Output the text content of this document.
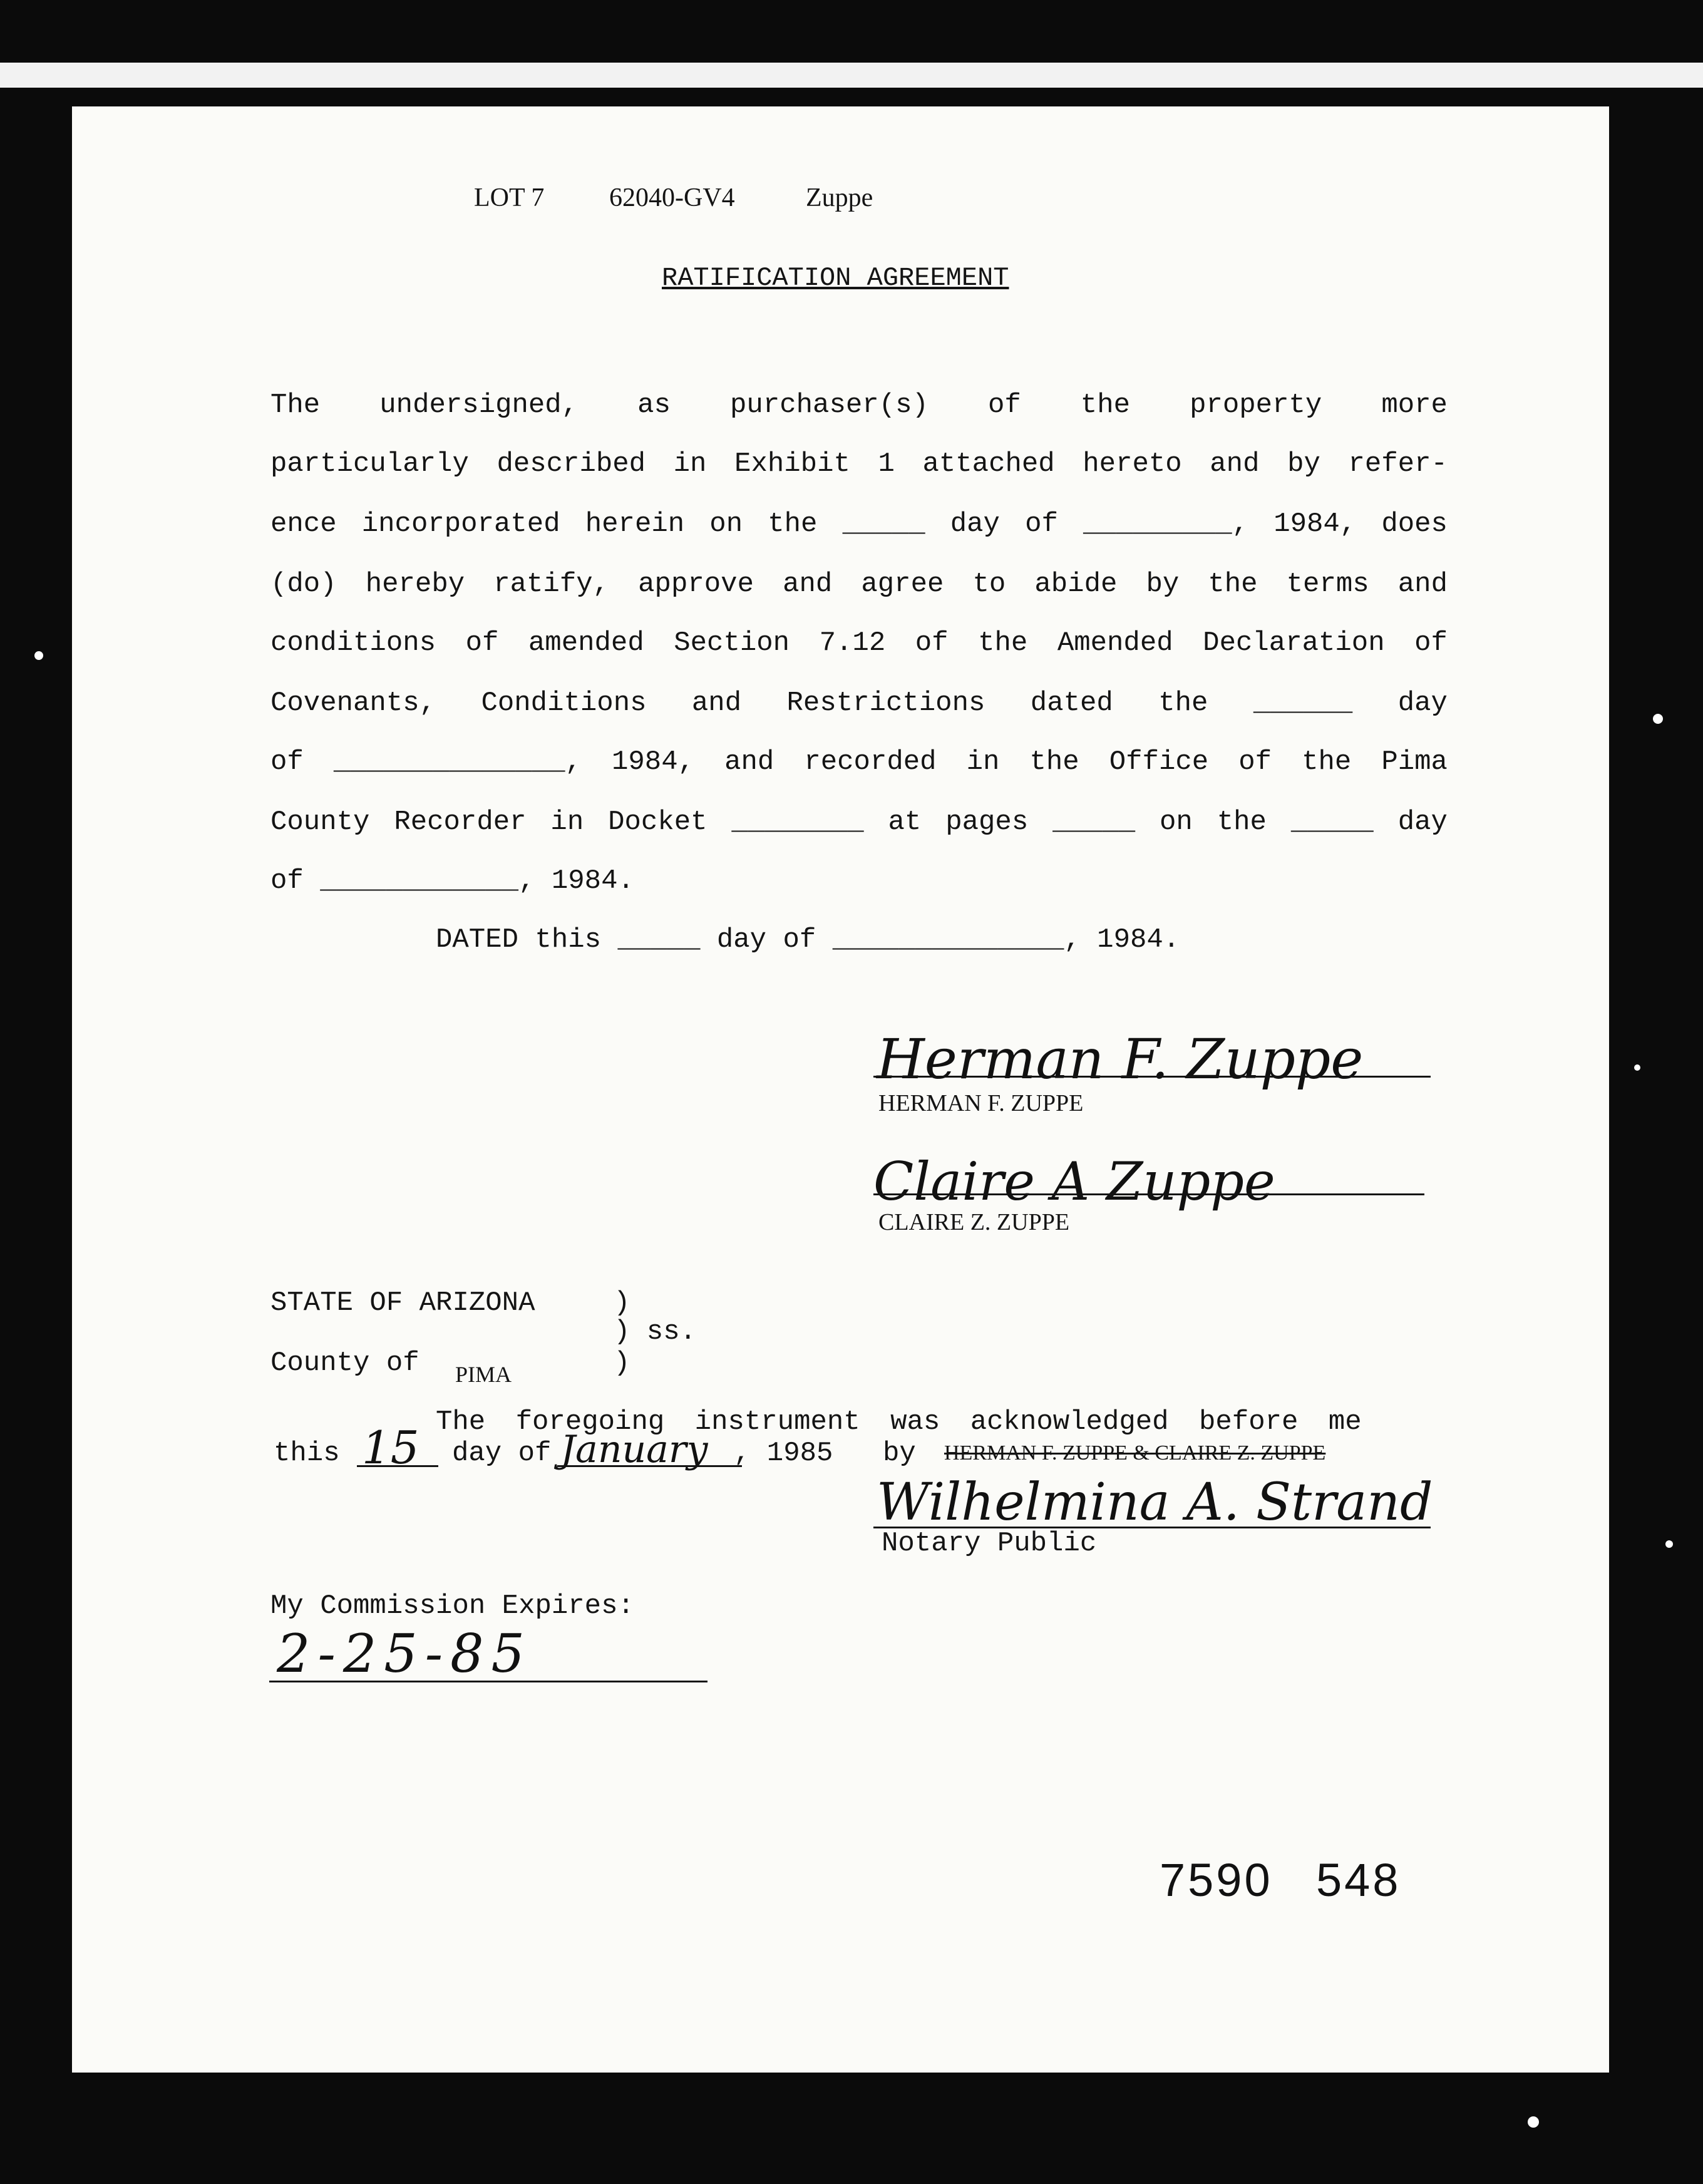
LOT 7 62040-GV4	Zuppe
RATIFICATION AGREEMENT
The undersigned, as purchaser(s) of the property more
particularly described in Exhibit 1 attached hereto and by refer-
ence incorporated herein on the _____ day of _________, 1984, does
(do) hereby ratify, approve and agree to abide by the terms and
conditions of amended Section 7.12 of the Amended Declaration of
Covenants, Conditions and Restrictions dated the ______ day
of ______________, 1984, and recorded in the Office of the Pima
County Recorder in Docket ________ at pages _____ on the _____ day
of ____________, 1984.
DATED this _____ day of ______________, 1984.
Herman F. Zuppe
HERMAN F. ZUPPE
Claire A Zuppe
CLAIRE Z. ZUPPE
STATE OF ARIZONA	)
) ss.
County of PIMA	)
The foregoing instrument was acknowledged before me
this 15 day of January , 1985 by HERMAN F. ZUPPE & CLAIRE Z. ZUPPE
Wilhelmina A. Strand
Notary Public
My Commission Expires:
2-25-85
7590 548
